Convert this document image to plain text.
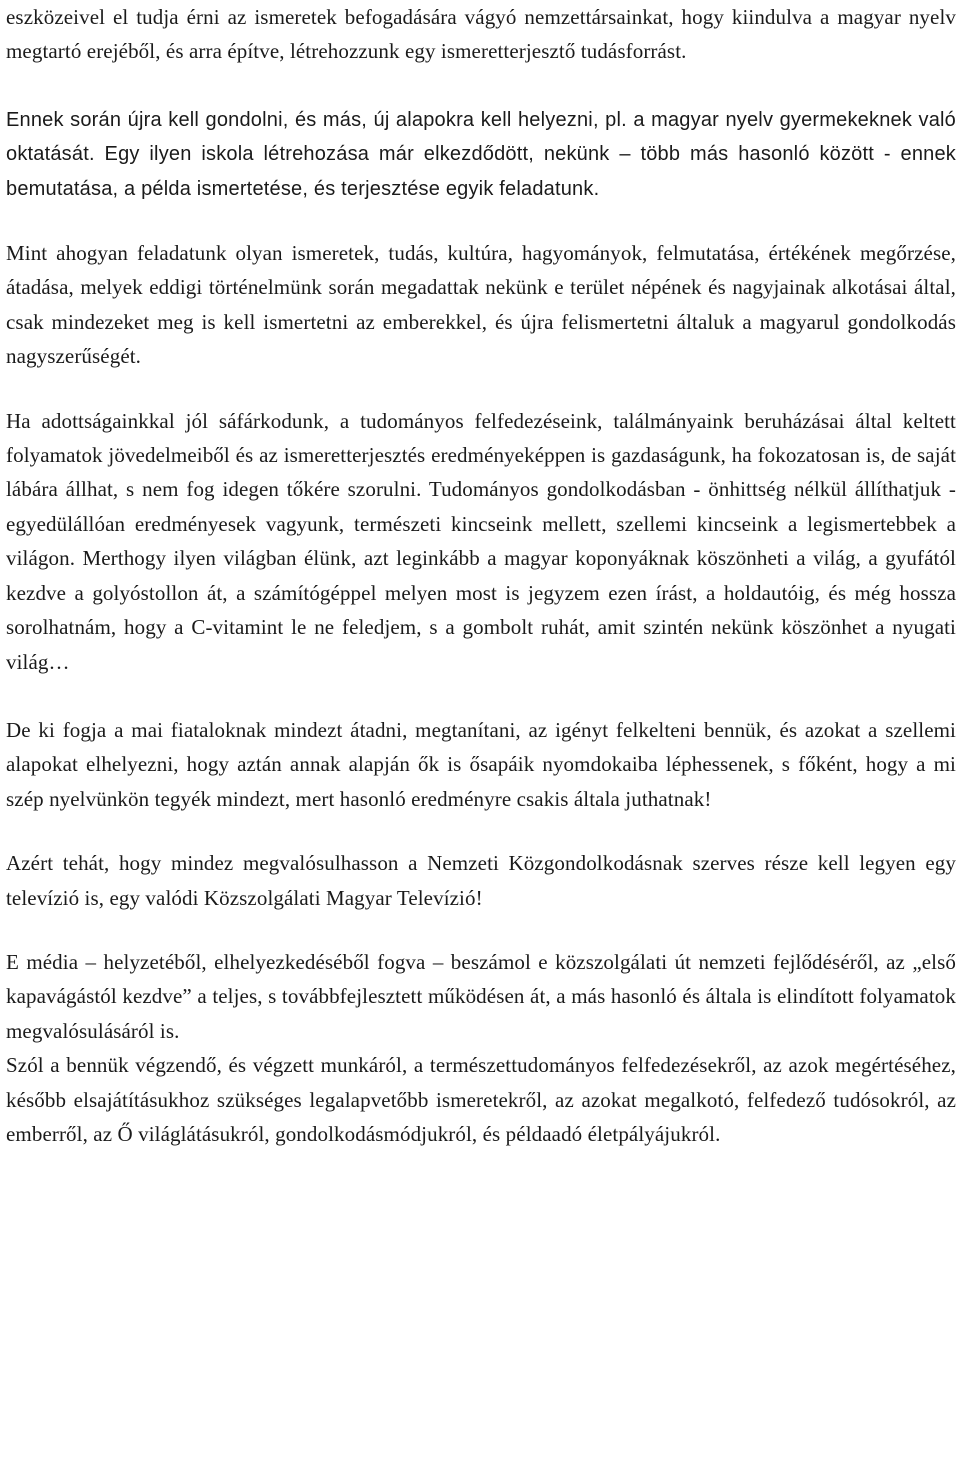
eszközeivel el tudja érni az ismeretek befogadására vágyó nemzettársainkat, hogy kiindulva a magyar nyelv megtartó erejéből, és arra építve, létrehozzunk egy ismeretterjesztő tudásforrást.

Ennek során újra kell gondolni, és más, új alapokra kell helyezni, pl. a magyar nyelv gyermekeknek való oktatását. Egy ilyen iskola létrehozása már elkezdődött, nekünk – több más hasonló között - ennek bemutatása, a példa ismertetése, és terjesztése egyik feladatunk.

Mint ahogyan feladatunk olyan ismeretek, tudás, kultúra, hagyományok, felmutatása, értékének megőrzése, átadása, melyek eddigi történelmünk során megadattak nekünk e terület népének és nagyjainak alkotásai által, csak mindezeket meg is kell ismertetni az emberekkel, és újra felismertetni általuk a magyarul gondolkodás nagyszerűségét.

Ha adottságainkkal jól sáfárkodunk, a tudományos felfedezéseink, találmányaink beruházásai által keltett folyamatok jövedelmeiből és az ismeretterjesztés eredményeképpen is gazdaságunk, ha fokozatosan is, de saját lábára állhat, s nem fog idegen tőkére szorulni. Tudományos gondolkodásban - önhittség nélkül állíthatjuk - egyedülállóan eredményesek vagyunk, természeti kincseink mellett, szellemi kincseink a legismertebbek a világon. Merthogy ilyen világban élünk, azt leginkább a magyar koponyáknak köszönheti a világ, a gyufától kezdve a golyóstollon át, a számítógéppel melyen most is jegyzem ezen írást, a holdautóig, és még hossza sorolhatnám, hogy a C-vitamint le ne feledjem, s a gombolt ruhát, amit szintén nekünk köszönhet a nyugati világ…

De ki fogja a mai fiataloknak mindezt átadni, megtanítani, az igényt felkelteni bennük, és azokat a szellemi alapokat elhelyezni, hogy aztán annak alapján ők is ősapáik nyomdokaiba léphessenek, s főként, hogy a mi szép nyelvünkön tegyék mindezt, mert hasonló eredményre csakis általa juthatnak!

Azért tehát, hogy mindez megvalósulhasson a Nemzeti Közgondolkodásnak szerves része kell legyen egy televízió is, egy valódi Közszolgálati Magyar Televízió!

E média – helyzetéből, elhelyezkedéséből fogva – beszámol e közszolgálati út nemzeti fejlődéséről, az „első kapavágástól kezdve” a teljes, s továbbfejlesztett működésen át, a más hasonló és általa is elindított folyamatok megvalósulásáról is.

Szól a bennük végzendő, és végzett munkáról, a természettudományos felfedezésekről, az azok megértéséhez, később elsajátításukhoz szükséges legalapvetőbb ismeretekről, az azokat megalkotó, felfedező tudósokról, az emberről, az Ő világlátásukról, gondolkodásmódjukról, és példaadó életpályájukról.
